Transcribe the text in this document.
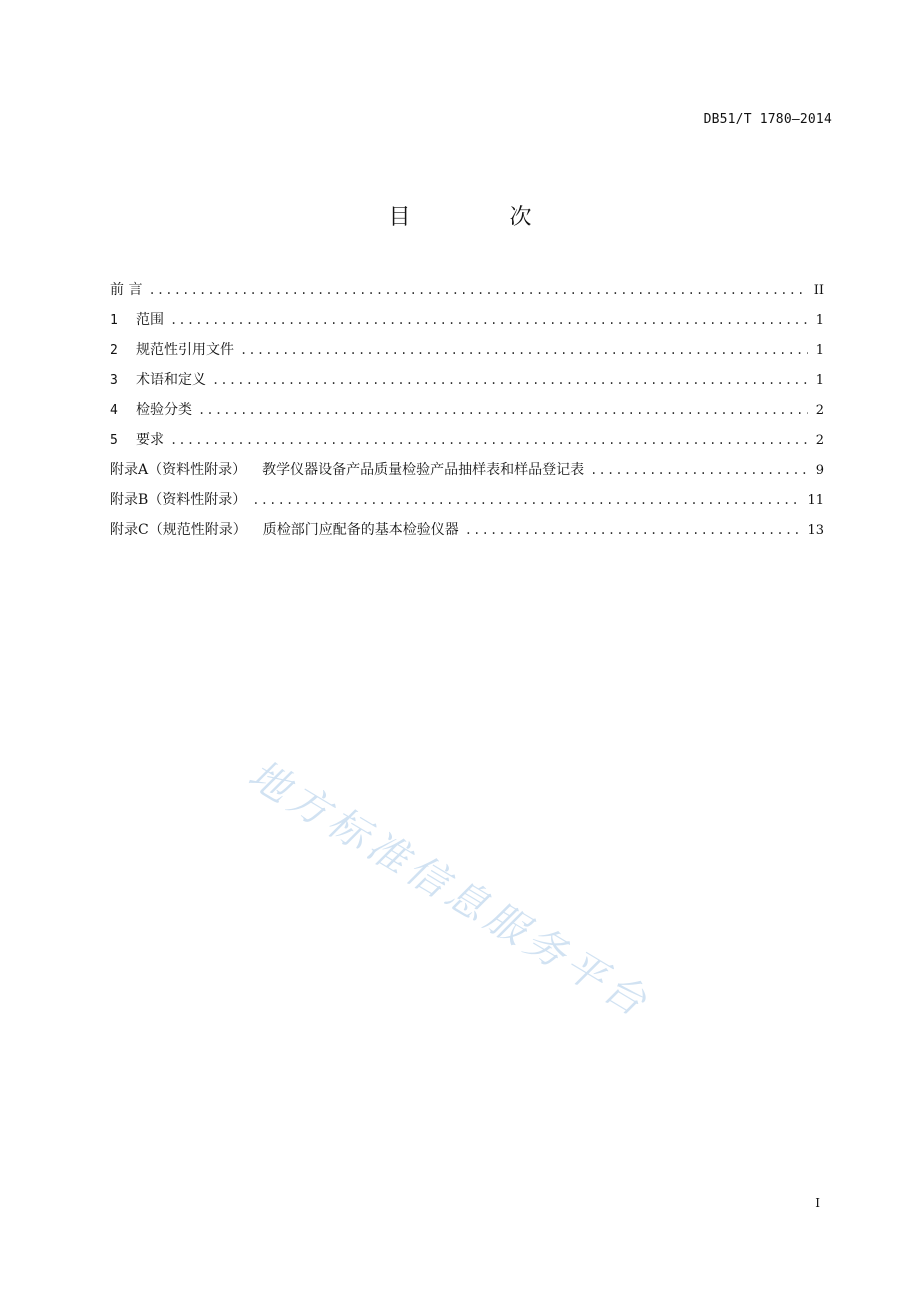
DB51/T 1780—2014
目 次
前 言 .....	II
1 范围 .....	1
2 规范性引用文件 .....	1
3 术语和定义 .....	1
4 检验分类 .....	2
5 要求 .....	2
附录A（资料性附录） 教学仪器设备产品质量检验产品抽样表和样品登记表 .....	9
附录B（资料性附录） .....	11
附录C（规范性附录） 质检部门应配备的基本检验仪器 .....	13
地方标准信息服务平台
I
